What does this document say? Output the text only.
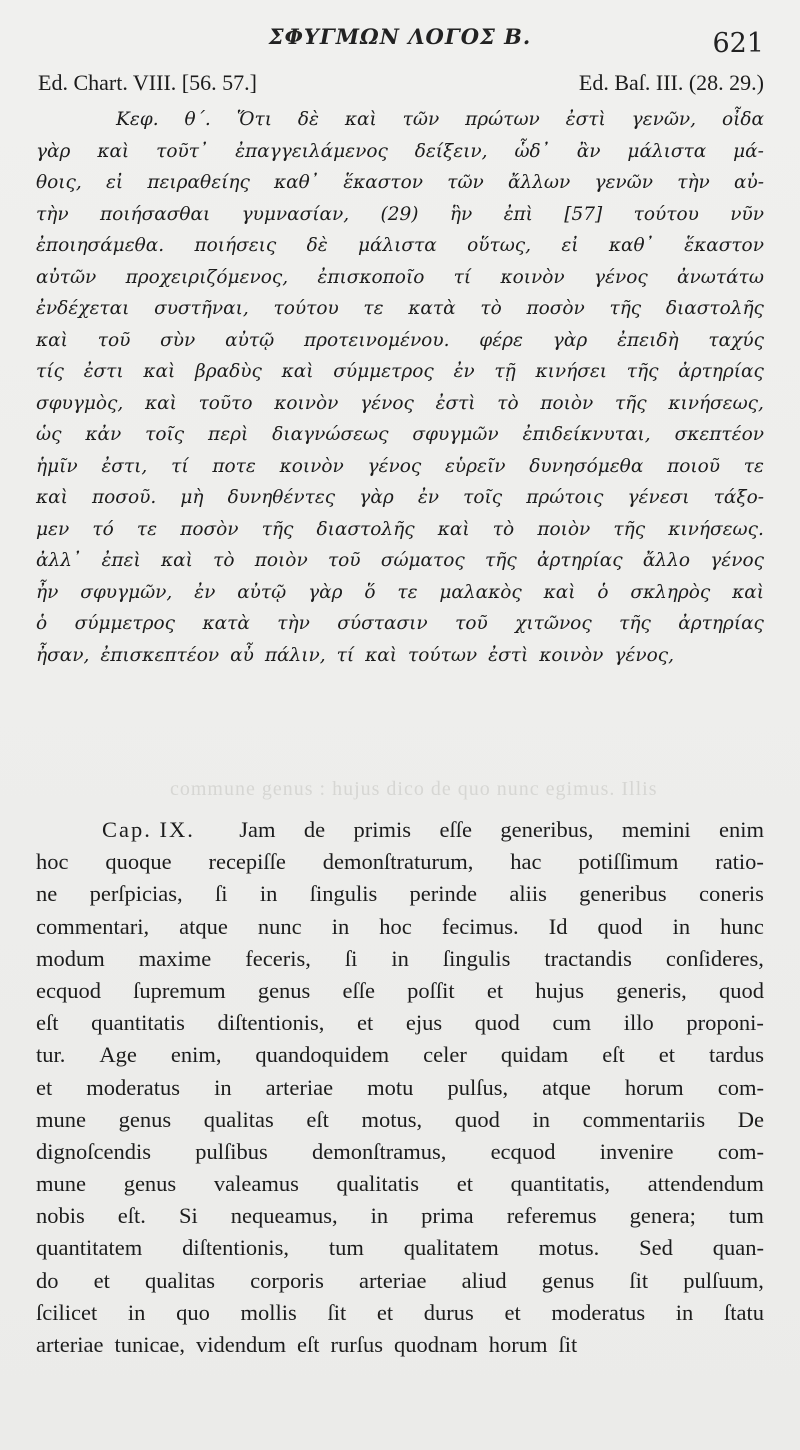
ΣΦΥΓΜΩΝ ΛΟΓΟΣ Β.	621
Ed. Chart. VIII. [56. 57.]	Ed. Baſ. III. (28. 29.)
Κεφ. θ΄. Ὅτι δὲ καὶ τῶν πρώτων ἐστὶ γενῶν, οἶδα
γὰρ καὶ τοῦτ᾽ ἐπαγγειλάμενος δείξειν, ὧδ᾽ ἂν μάλιστα μά-
θοις, εἰ πειραθείης καθ᾽ ἕκαστον τῶν ἄλλων γενῶν τὴν αὐ-
τὴν ποιήσασθαι γυμνασίαν, (29) ἣν ἐπὶ [57] τούτου νῦν
ἐποιησάμεθα. ποιήσεις δὲ μάλιστα οὕτως, εἰ καθ᾽ ἕκαστον
αὐτῶν προχειριζόμενος, ἐπισκοποῖο τί κοινὸν γένος ἀνωτάτω
ἐνδέχεται συστῆναι, τούτου τε κατὰ τὸ ποσὸν τῆς διαστολῆς
καὶ τοῦ σὺν αὐτῷ προτεινομένου. φέρε γὰρ ἐπειδὴ ταχύς
τίς ἐστι καὶ βραδὺς καὶ σύμμετρος ἐν τῇ κινήσει τῆς ἀρτηρίας
σφυγμὸς, καὶ τοῦτο κοινὸν γένος ἐστὶ τὸ ποιὸν τῆς κινήσεως,
ὡς κἀν τοῖς περὶ διαγνώσεως σφυγμῶν ἐπιδείκνυται, σκεπτέον
ἡμῖν ἐστι, τί ποτε κοινὸν γένος εὑρεῖν δυνησόμεθα ποιοῦ τε
καὶ ποσοῦ. μὴ δυνηθέντες γὰρ ἐν τοῖς πρώτοις γένεσι τάξο-
μεν τό τε ποσὸν τῆς διαστολῆς καὶ τὸ ποιὸν τῆς κινήσεως.
ἀλλ᾽ ἐπεὶ καὶ τὸ ποιὸν τοῦ σώματος τῆς ἀρτηρίας ἄλλο γένος
ἦν σφυγμῶν, ἐν αὐτῷ γὰρ ὅ τε μαλακὸς καὶ ὁ σκληρὸς καὶ
ὁ σύμμετρος κατὰ τὴν σύστασιν τοῦ χιτῶνος τῆς ἀρτηρίας
ἦσαν, ἐπισκεπτέον αὖ πάλιν, τί καὶ τούτων ἐστὶ κοινὸν γένος,
commune genus : hujus dico de quo nunc egimus. Illis
Cap. IX. Jam de primis eſſe generibus, memini enim
hoc quoque recepiſſe demonſtraturum, hac potiſſimum ratio-
ne perſpicias, ſi in ſingulis perinde aliis generibus coneris
commentari, atque nunc in hoc fecimus. Id quod in hunc
modum maxime feceris, ſi in ſingulis tractandis conſideres,
ecquod ſupremum genus eſſe poſſit et hujus generis, quod
eſt quantitatis diſtentionis, et ejus quod cum illo proponi-
tur. Age enim, quandoquidem celer quidam eſt et tardus
et moderatus in arteriae motu pulſus, atque horum com-
mune genus qualitas eſt motus, quod in commentariis De
dignoſcendis pulſibus demonſtramus, ecquod invenire com-
mune genus valeamus qualitatis et quantitatis, attendendum
nobis eſt. Si nequeamus, in prima referemus genera; tum
quantitatem diſtentionis, tum qualitatem motus. Sed quan-
do et qualitas corporis arteriae aliud genus ſit pulſuum,
ſcilicet in quo mollis ſit et durus et moderatus in ſtatu
arteriae tunicae, videndum eſt rurſus quodnam horum ſit
